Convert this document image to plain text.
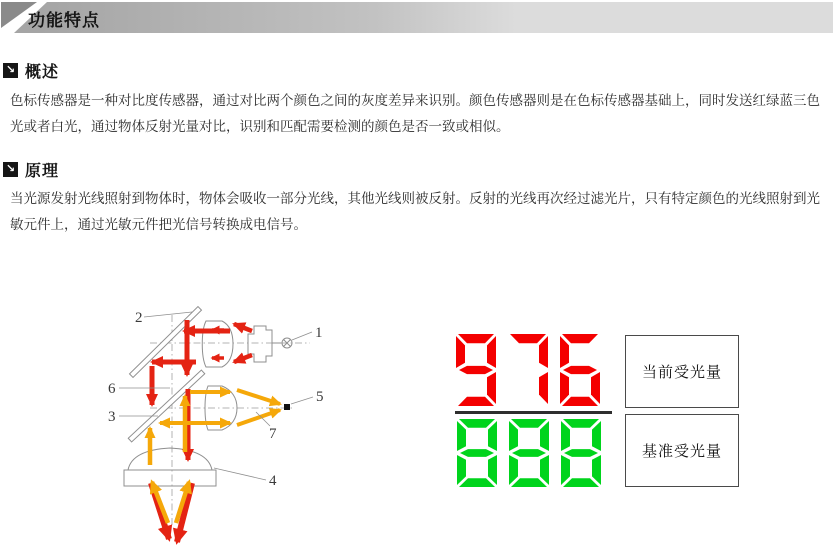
功能特点
↘ 概述
色标传感器是一种对比度传感器，通过对比两个颜色之间的灰度差异来识别。颜色传感器则是在色标传感器基础上，同时发送红绿蓝三色光或者白光，通过物体反射光量对比，识别和匹配需要检测的颜色是否一致或相似。
↘ 原理
当光源发射光线照射到物体时，物体会吸收一部分光线，其他光线则被反射。反射的光线再次经过滤光片，只有特定颜色的光线照射到光敏元件上，通过光敏元件把光信号转换成电信号。
2
1
6
3
5
7
4
当前受光量
基准受光量
